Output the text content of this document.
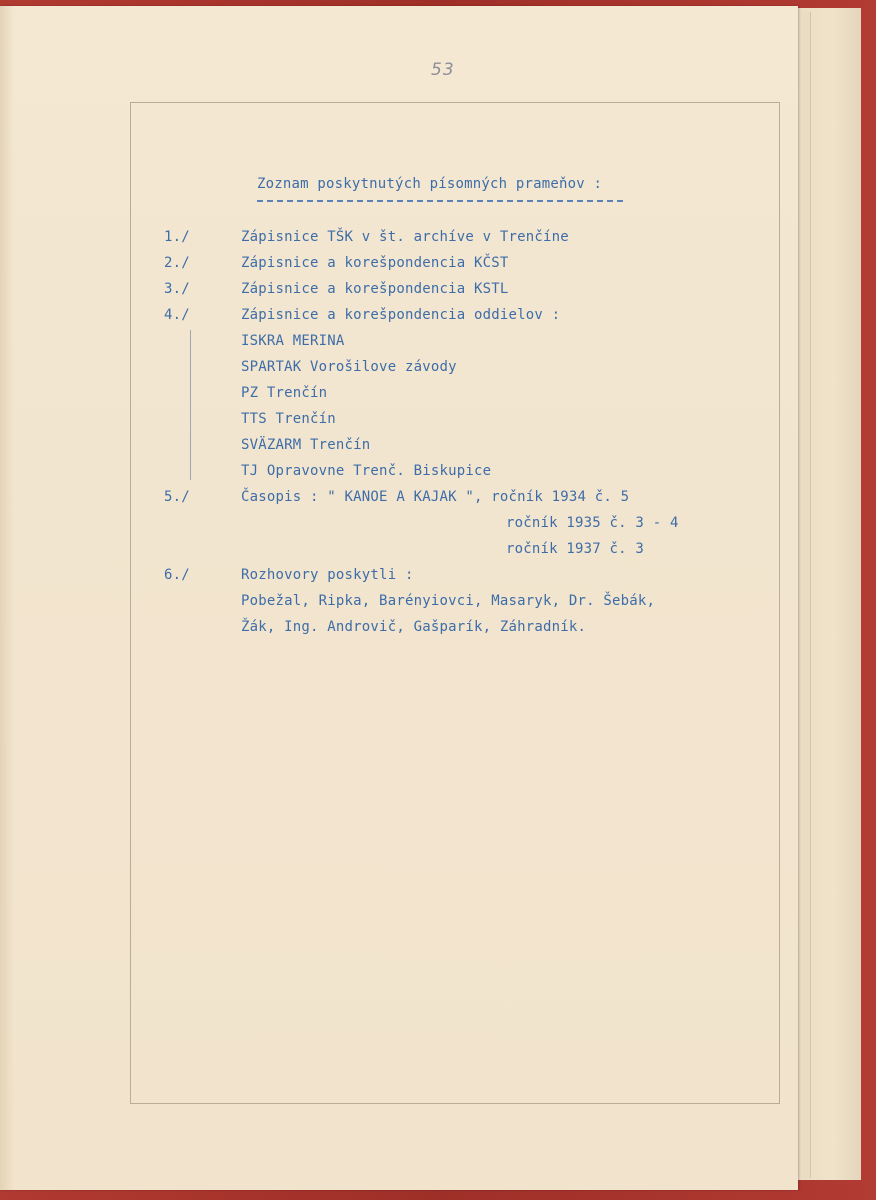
53
Zoznam poskytnutých písomných prameňov :
1./	Zápisnice TŠK v št. archíve v Trenčíne
2./	Zápisnice a korešpondencia KČST
3./	Zápisnice a korešpondencia KSTL
4./	Zápisnice a korešpondencia oddielov :
ISKRA MERINA
SPARTAK Vorošilove závody
PZ Trenčín
TTS Trenčín
SVÄZARM Trenčín
TJ Opravovne Trenč. Biskupice
5./	Časopis : " KANOE A KAJAK ", ročník 1934 č. 5
ročník 1935 č. 3 - 4
ročník 1937 č. 3
6./	Rozhovory poskytli :
Pobežal, Ripka, Barényiovci, Masaryk, Dr. Šebák,
Žák, Ing. Androvič, Gašparík, Záhradník.
